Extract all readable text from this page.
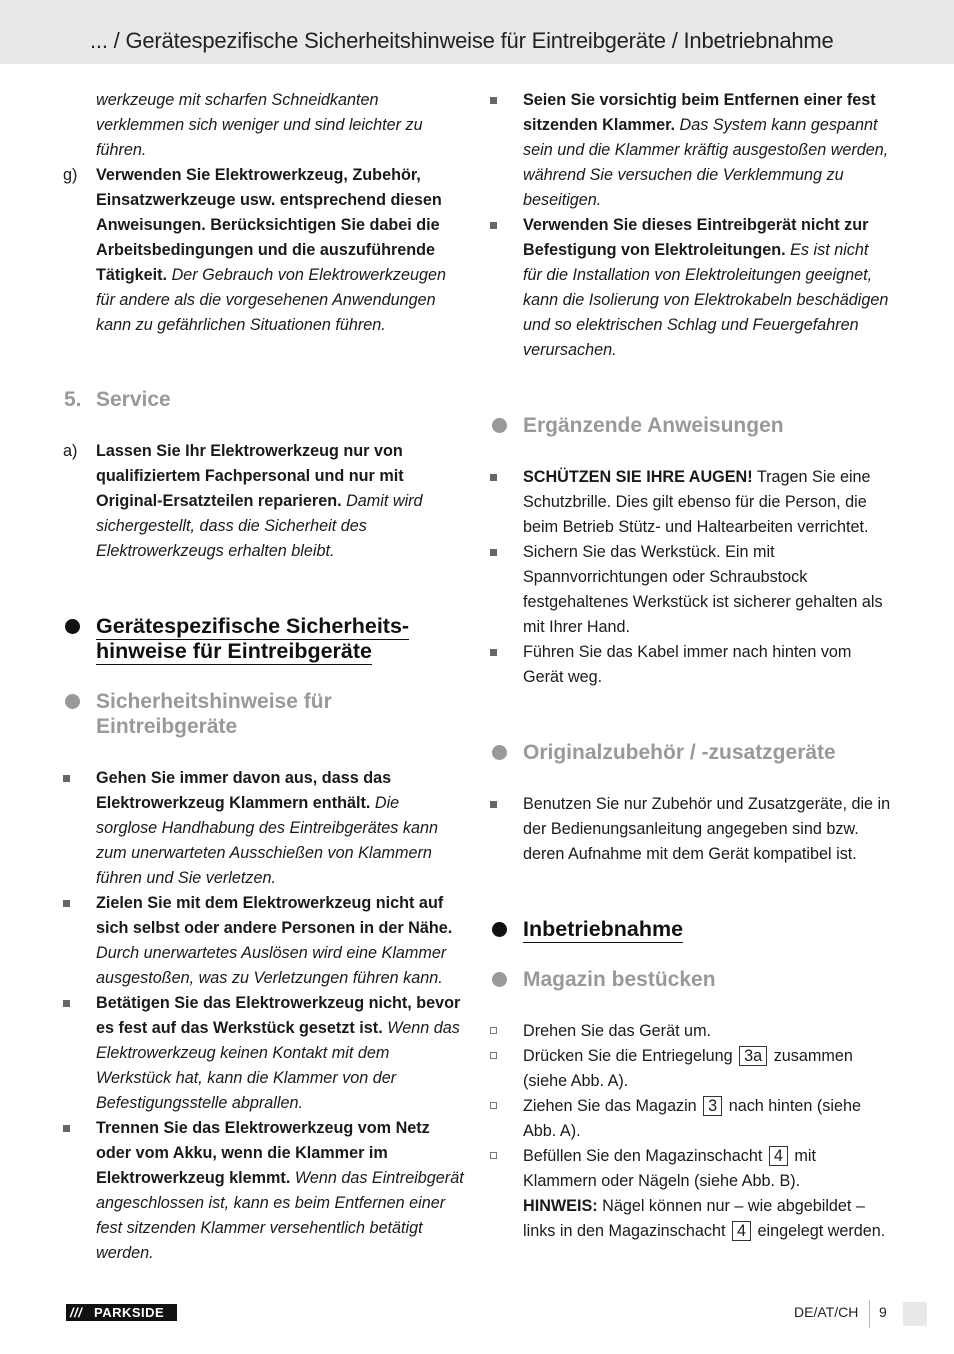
... / Gerätespezifische Sicherheitshinweise für Eintreibgeräte / Inbetriebnahme

werkzeuge mit scharfen Schneidkanten verklemmen sich weniger und sind leichter zu führen.

g) Verwenden Sie Elektrowerkzeug, Zubehör, Einsatzwerkzeuge usw. entsprechend diesen Anweisungen. Berücksichtigen Sie dabei die Arbeitsbedingungen und die auszuführende Tätigkeit. Der Gebrauch von Elektrowerkzeugen für andere als die vorgesehenen Anwendungen kann zu gefährlichen Situationen führen.

5. Service

a) Lassen Sie Ihr Elektrowerkzeug nur von qualifiziertem Fachpersonal und nur mit Original-Ersatzteilen reparieren. Damit wird sichergestellt, dass die Sicherheit des Elektrowerkzeugs erhalten bleibt.

Gerätespezifische Sicherheits-hinweise für Eintreibgeräte

Sicherheitshinweise für Eintreibgeräte

Gehen Sie immer davon aus, dass das Elektrowerkzeug Klammern enthält. Die sorglose Handhabung des Eintreibgerätes kann zum unerwarteten Ausschießen von Klammern führen und Sie verletzen.

Zielen Sie mit dem Elektrowerkzeug nicht auf sich selbst oder andere Personen in der Nähe. Durch unerwartetes Auslösen wird eine Klammer ausgestoßen, was zu Verletzungen führen kann.

Betätigen Sie das Elektrowerkzeug nicht, bevor es fest auf das Werkstück gesetzt ist. Wenn das Elektrowerkzeug keinen Kontakt mit dem Werkstück hat, kann die Klammer von der Befestigungsstelle abprallen.

Trennen Sie das Elektrowerkzeug vom Netz oder vom Akku, wenn die Klammer im Elektrowerkzeug klemmt. Wenn das Eintreibgerät angeschlossen ist, kann es beim Entfernen einer fest sitzenden Klammer versehentlich betätigt werden.

Seien Sie vorsichtig beim Entfernen einer fest sitzenden Klammer. Das System kann gespannt sein und die Klammer kräftig ausgestoßen werden, während Sie versuchen die Verklemmung zu beseitigen.

Verwenden Sie dieses Eintreibgerät nicht zur Befestigung von Elektroleitungen. Es ist nicht für die Installation von Elektroleitungen geeignet, kann die Isolierung von Elektrokabeln beschädigen und so elektrischen Schlag und Feuergefahren verursachen.

Ergänzende Anweisungen

SCHÜTZEN SIE IHRE AUGEN! Tragen Sie eine Schutzbrille. Dies gilt ebenso für die Person, die beim Betrieb Stütz- und Haltearbeiten verrichtet.

Sichern Sie das Werkstück. Ein mit Spannvorrichtungen oder Schraubstock festgehaltenes Werkstück ist sicherer gehalten als mit Ihrer Hand.

Führen Sie das Kabel immer nach hinten vom Gerät weg.

Originalzubehör / -zusatzgeräte

Benutzen Sie nur Zubehör und Zusatzgeräte, die in der Bedienungsanleitung angegeben sind bzw. deren Aufnahme mit dem Gerät kompatibel ist.

Inbetriebnahme

Magazin bestücken

Drehen Sie das Gerät um.

Drücken Sie die Entriegelung 3a zusammen (siehe Abb. A).

Ziehen Sie das Magazin 3 nach hinten (siehe Abb. A).

Befüllen Sie den Magazinschacht 4 mit Klammern oder Nägeln (siehe Abb. B).

HINWEIS: Nägel können nur – wie abgebildet – links in den Magazinschacht 4 eingelegt werden.

/// PARKSIDE	DE/AT/CH 9
